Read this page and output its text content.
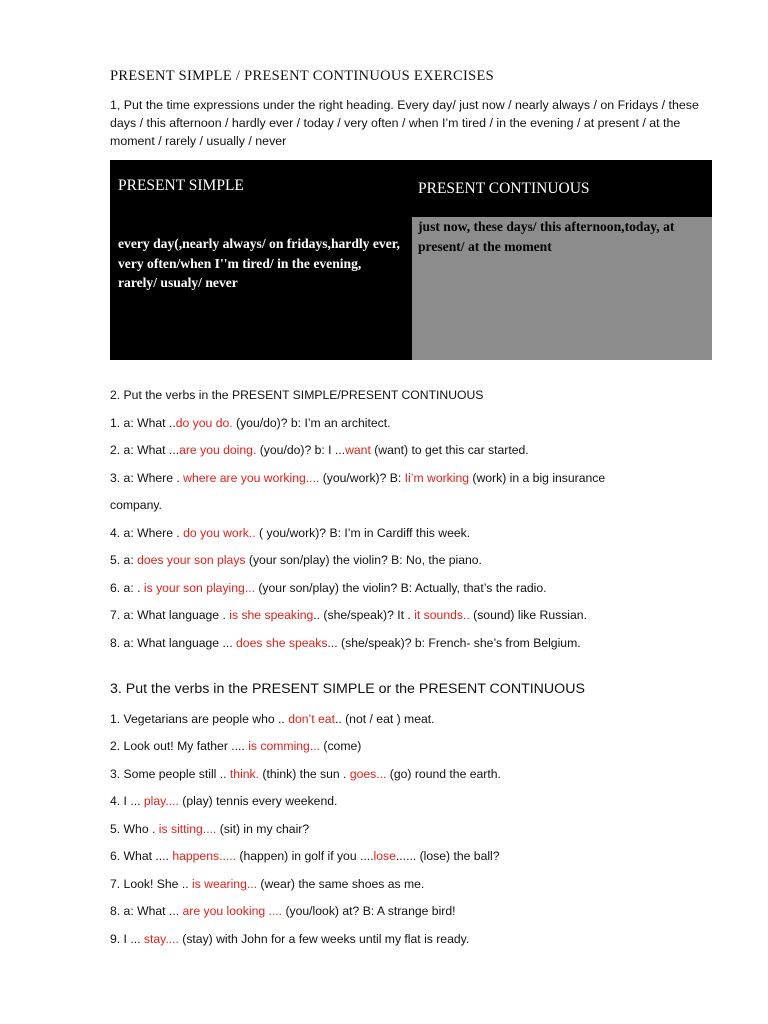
PRESENT SIMPLE / PRESENT CONTINUOUS EXERCISES
1, Put the time expressions under the right heading. Every day/ just now / nearly always / on Fridays / these days / this afternoon / hardly ever / today / very often / when I’m tired / in the evening / at present / at the moment / rarely / usually / never
PRESENT SIMPLE	PRESENT CONTINUOUS
every day(,nearly always/ on fridays,hardly ever, very often/when I''m tired/ in the evening, rarely/ usualy/ never
just now, these days/ this afternoon,today, at present/ at the moment
2. Put the verbs in the PRESENT SIMPLE/PRESENT CONTINUOUS
1. a: What ..do you do. (you/do)? b: I’m an architect.
2. a: What ...are you doing. (you/do)? b: I ...want (want) to get this car started.
3. a: Where . where are you working.... (you/work)? B: Ii’m working (work) in a big insurance
company.
4. a: Where . do you work.. ( you/work)? B: I’m in Cardiff this week.
5. a: does your son plays (your son/play) the violin? B: No, the piano.
6. a: . is your son playing... (your son/play) the violin? B: Actually, that’s the radio.
7. a: What language . is she speaking.. (she/speak)? It . it sounds.. (sound) like Russian.
8. a: What language ... does she speaks... (she/speak)? b: French- she’s from Belgium.
3. Put the verbs in the PRESENT SIMPLE or the PRESENT CONTINUOUS
1. Vegetarians are people who .. don’t eat.. (not / eat ) meat.
2. Look out! My father .... is comming... (come)
3. Some people still .. think. (think) the sun . goes... (go) round the earth.
4. I ... play.... (play) tennis every weekend.
5. Who . is sitting.... (sit) in my chair?
6. What .... happens..... (happen) in golf if you ....lose...... (lose) the ball?
7. Look! She .. is wearing... (wear) the same shoes as me.
8. a: What ... are you looking .... (you/look) at? B: A strange bird!
9. I ... stay.... (stay) with John for a few weeks until my flat is ready.
